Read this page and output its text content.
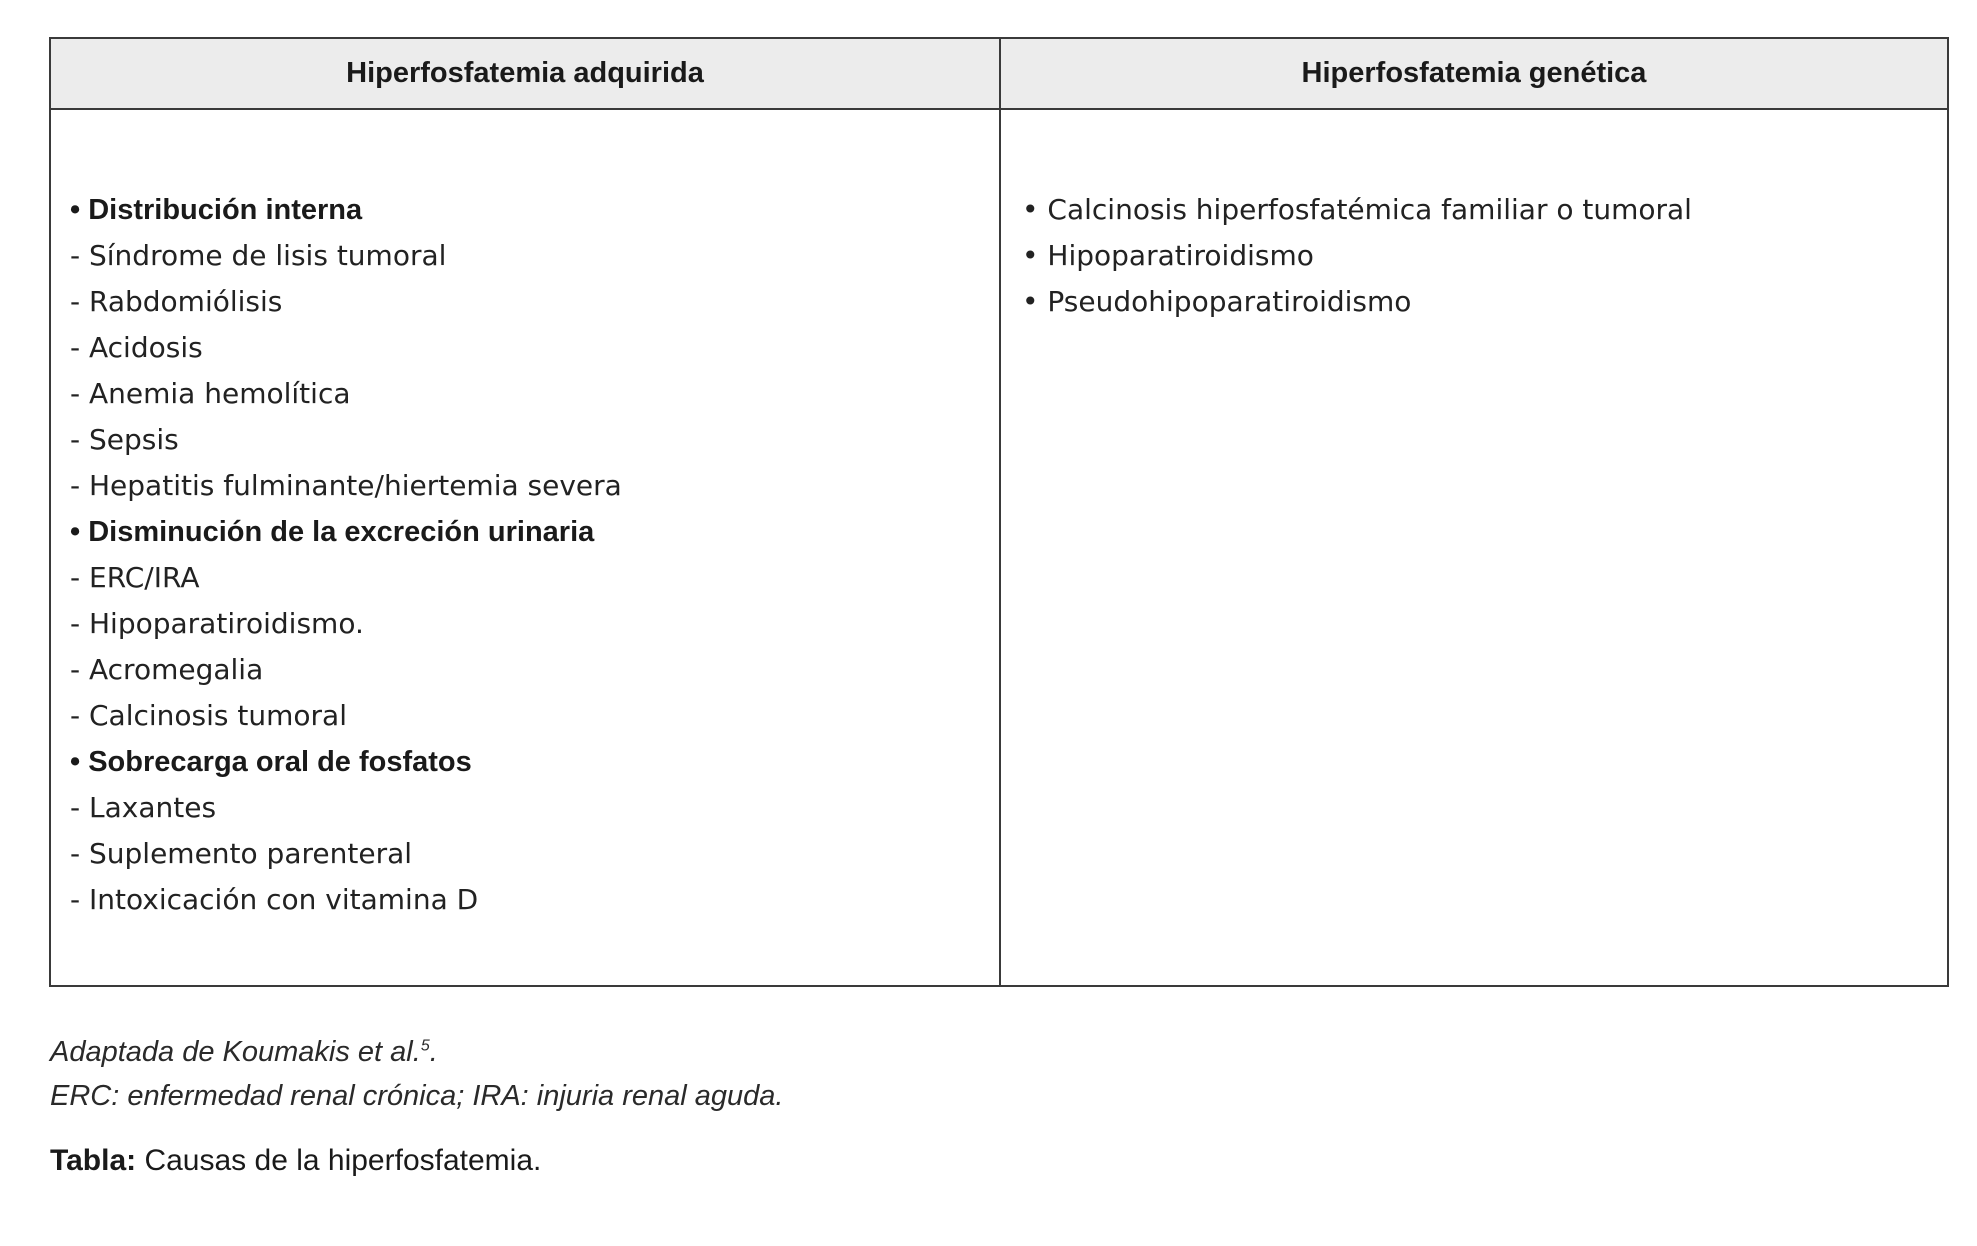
Hiperfosfatemia adquirida	Hiperfosfatemia genética
• Distribución interna
- Síndrome de lisis tumoral
- Rabdomiólisis
- Acidosis
- Anemia hemolítica
- Sepsis
- Hepatitis fulminante/hiertemia severa
• Disminución de la excreción urinaria
- ERC/IRA
- Hipoparatiroidismo.
- Acromegalia
- Calcinosis tumoral
• Sobrecarga oral de fosfatos
- Laxantes
- Suplemento parenteral
- Intoxicación con vitamina D
• Calcinosis hiperfosfatémica familiar o tumoral
• Hipoparatiroidismo
• Pseudohipoparatiroidismo
Adaptada de Koumakis et al.$^5$.
ERC: enfermedad renal crónica; IRA: injuria renal aguda.
Tabla: Causas de la hiperfosfatemia.
